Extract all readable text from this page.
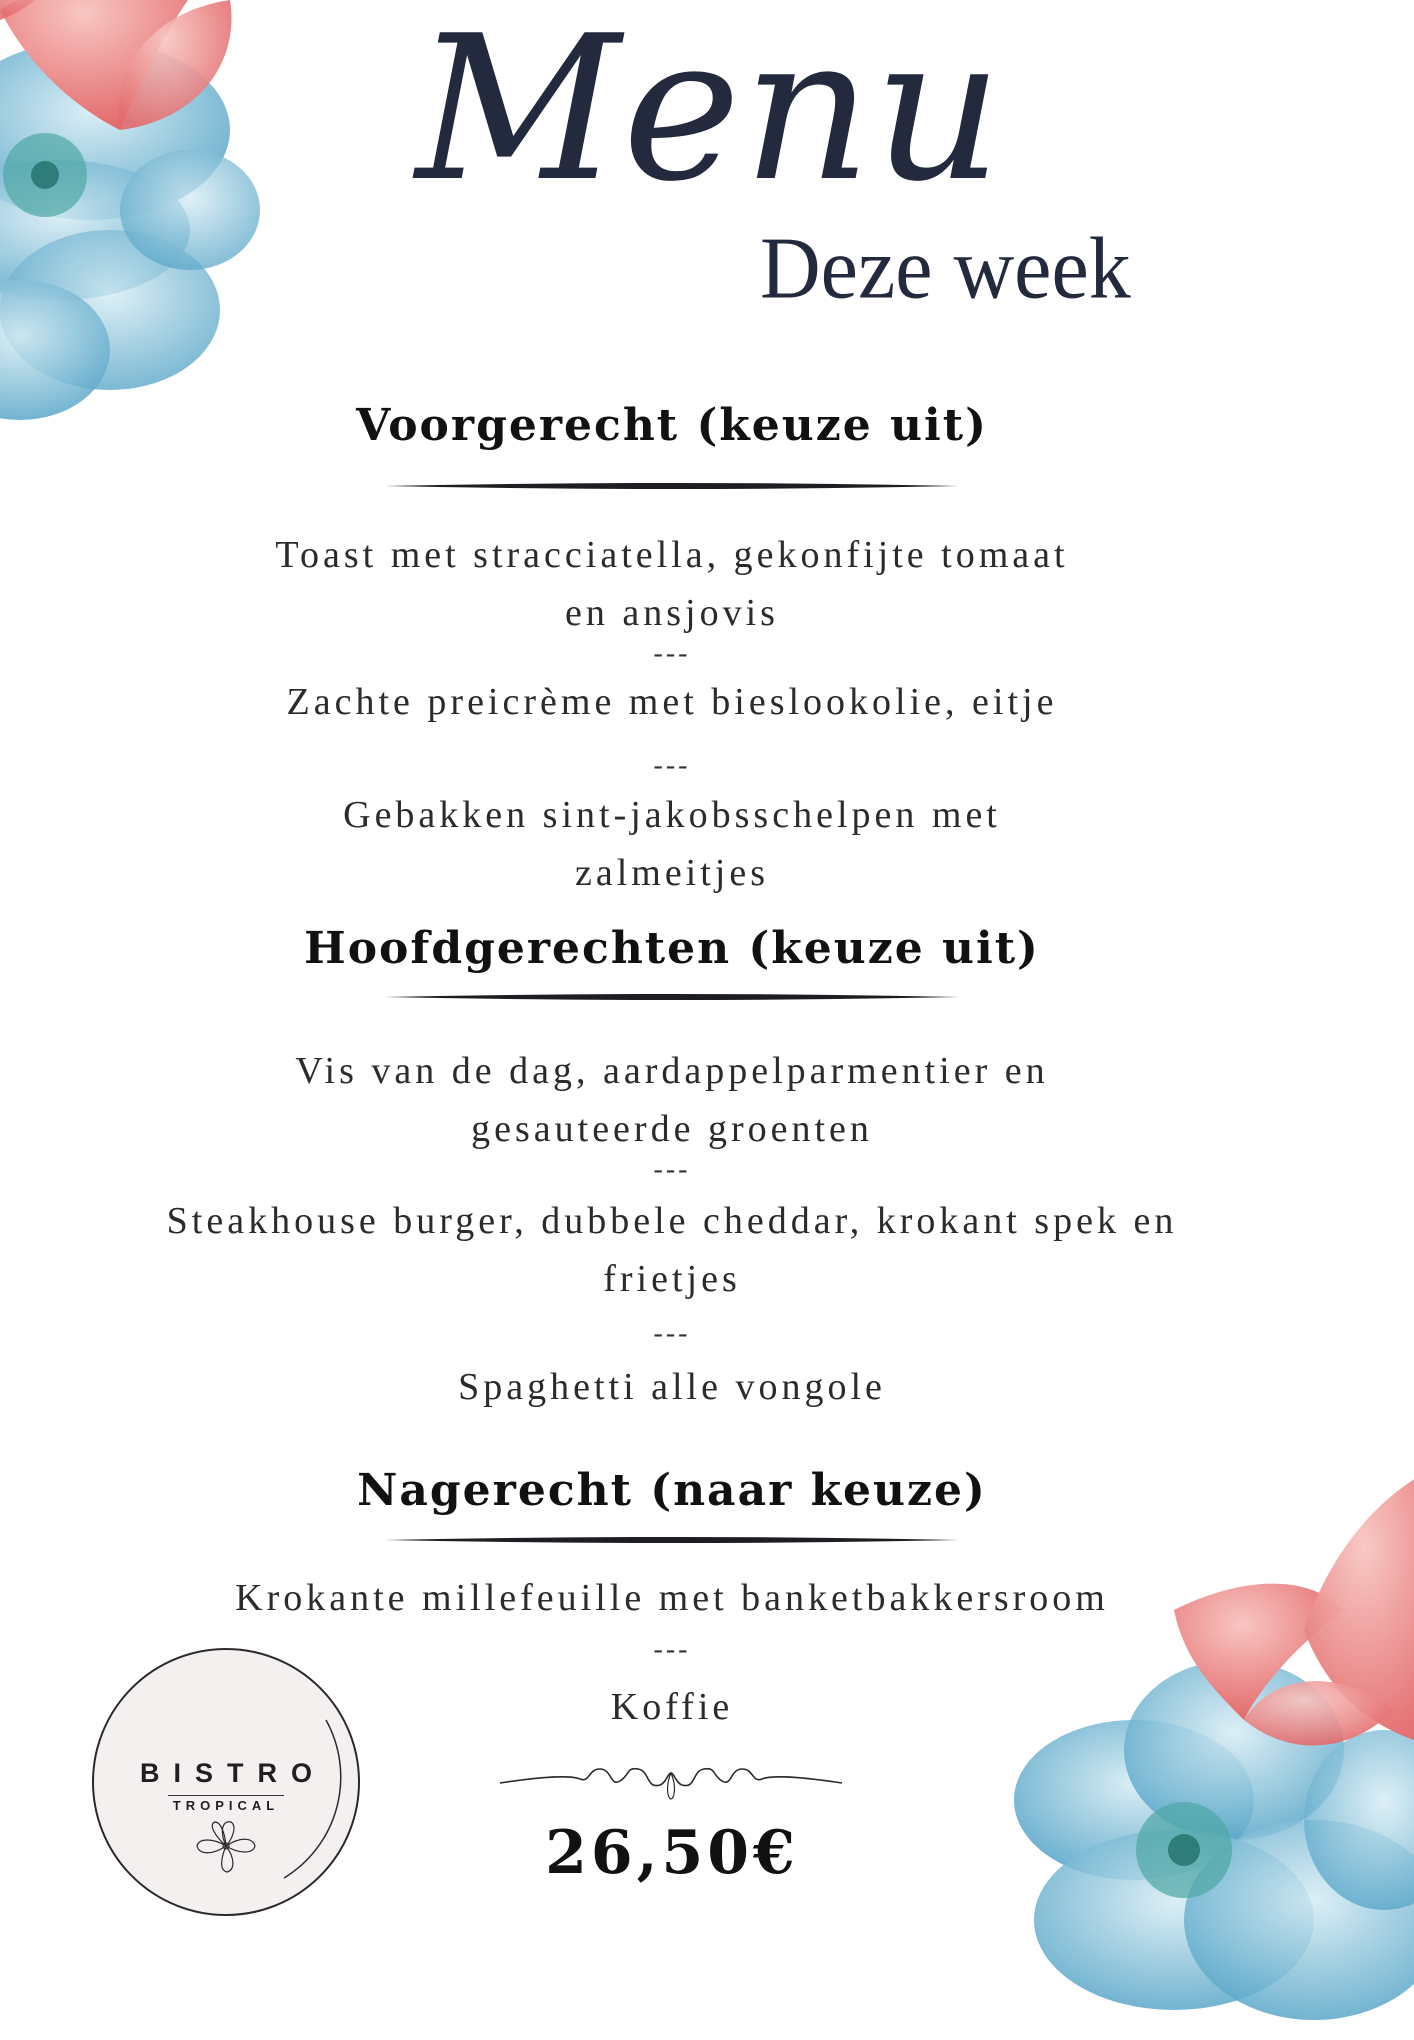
Menu
Deze week
Voorgerecht (keuze uit)
Toast met stracciatella, gekonfijte tomaat
en ansjovis
---
Zachte preicrème met bieslookolie, eitje
---
Gebakken sint-jakobsschelpen met
zalmeitjes
Hoofdgerechten (keuze uit)
Vis van de dag, aardappelparmentier en
gesauteerde groenten
---
Steakhouse burger, dubbele cheddar, krokant spek en
frietjes
---
Spaghetti alle vongole
Nagerecht (naar keuze)
Krokante millefeuille met banketbakkersroom
---
Koffie
26,50€
BISTRO
TROPICAL
